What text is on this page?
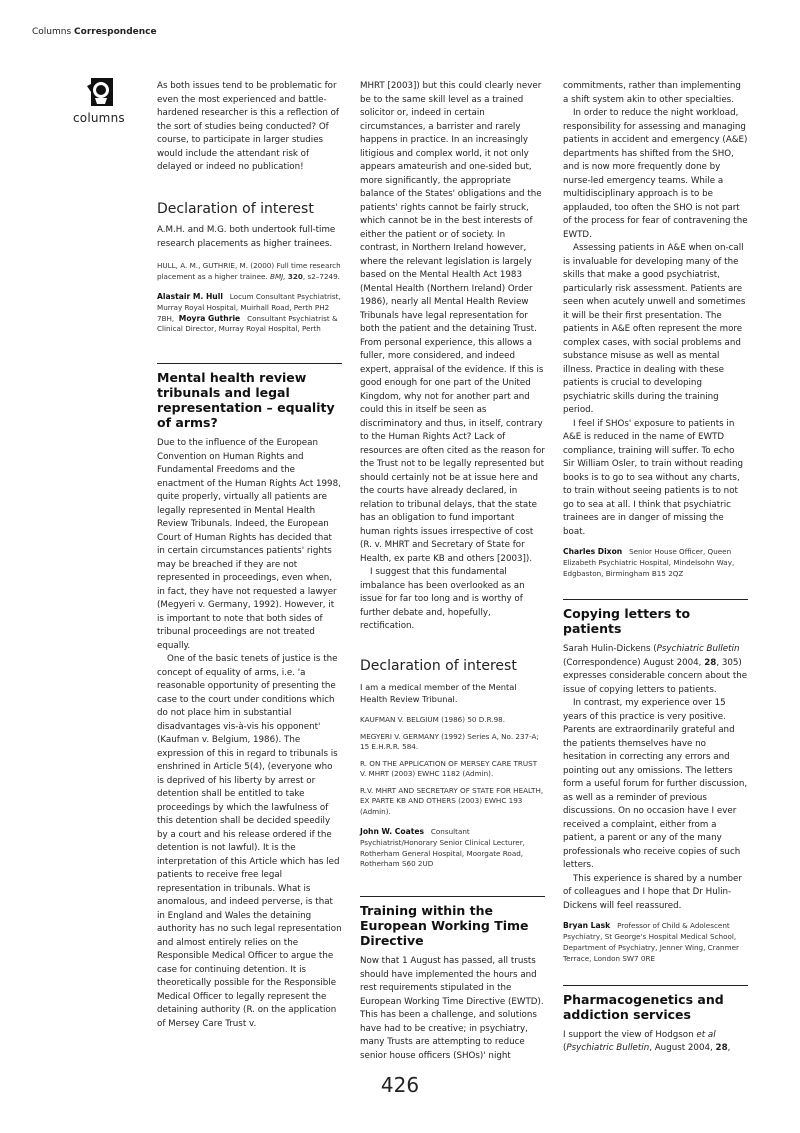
Columns Correspondence
columns

As both issues tend to be problematic for even the most experienced and battle-hardened researcher is this a reflection of the sort of studies being conducted? Of course, to participate in larger studies would include the attendant risk of delayed or indeed no publication!

Declaration of interest

A.M.H. and M.G. both undertook full-time research placements as higher trainees.

HULL, A. M., GUTHRIE, M. (2000) Full time research placement as a higher trainee. BMJ, 320, s2–7249.

Alastair M. Hull Locum Consultant Psychiatrist, Murray Royal Hospital, Muirhall Road, Perth PH2 7BH, Moyra Guthrie Consultant Psychiatrist & Clinical Director, Murray Royal Hospital, Perth

Mental health review tribunals and legal representation – equality of arms?

Due to the influence of the European Convention on Human Rights and Fundamental Freedoms and the enactment of the Human Rights Act 1998, quite properly, virtually all patients are legally represented in Mental Health Review Tribunals. Indeed, the European Court of Human Rights has decided that in certain circumstances patients' rights may be breached if they are not represented in proceedings, even when, in fact, they have not requested a lawyer (Megyeri v. Germany, 1992). However, it is important to note that both sides of tribunal proceedings are not treated equally.

One of the basic tenets of justice is the concept of equality of arms, i.e. 'a reasonable opportunity of presenting the case to the court under conditions which do not place him in substantial disadvantages vis-à-vis his opponent' (Kaufman v. Belgium, 1986). The expression of this in regard to tribunals is enshrined in Article 5(4), (everyone who is deprived of his liberty by arrest or detention shall be entitled to take proceedings by which the lawfulness of this detention shall be decided speedily by a court and his release ordered if the detention is not lawful). It is the interpretation of this Article which has led patients to receive free legal representation in tribunals. What is anomalous, and indeed perverse, is that in England and Wales the detaining authority has no such legal representation and almost entirely relies on the Responsible Medical Officer to argue the case for continuing detention. It is theoretically possible for the Responsible Medical Officer to legally represent the detaining authority (R. on the application of Mersey Care Trust v.

MHRT [2003]) but this could clearly never be to the same skill level as a trained solicitor or, indeed in certain circumstances, a barrister and rarely happens in practice. In an increasingly litigious and complex world, it not only appears amateurish and one-sided but, more significantly, the appropriate balance of the States' obligations and the patients' rights cannot be fairly struck, which cannot be in the best interests of either the patient or of society. In contrast, in Northern Ireland however, where the relevant legislation is largely based on the Mental Health Act 1983 (Mental Health (Northern Ireland) Order 1986), nearly all Mental Health Review Tribunals have legal representation for both the patient and the detaining Trust. From personal experience, this allows a fuller, more considered, and indeed expert, appraisal of the evidence. If this is good enough for one part of the United Kingdom, why not for another part and could this in itself be seen as discriminatory and thus, in itself, contrary to the Human Rights Act? Lack of resources are often cited as the reason for the Trust not to be legally represented but should certainly not be at issue here and the courts have already declared, in relation to tribunal delays, that the state has an obligation to fund important human rights issues irrespective of cost (R. v. MHRT and Secretary of State for Health, ex parte KB and others [2003]).

I suggest that this fundamental imbalance has been overlooked as an issue for far too long and is worthy of further debate and, hopefully, rectification.

Declaration of interest

I am a medical member of the Mental Health Review Tribunal.

KAUFMAN V. BELGIUM (1986) 50 D.R.98.

MEGYERI V. GERMANY (1992) Series A, No. 237-A; 15 E.H.R.R. 584.

R. ON THE APPLICATION OF MERSEY CARE TRUST V. MHRT (2003) EWHC 1182 (Admin).

R.V. MHRT AND SECRETARY OF STATE FOR HEALTH, EX PARTE KB AND OTHERS (2003) EWHC 193 (Admin).

John W. Coates Consultant Psychiatrist/Honorary Senior Clinical Lecturer, Rotherham General Hospital, Moorgate Road, Rotherham S60 2UD

Training within the European Working Time Directive

Now that 1 August has passed, all trusts should have implemented the hours and rest requirements stipulated in the European Working Time Directive (EWTD). This has been a challenge, and solutions have had to be creative; in psychiatry, many Trusts are attempting to reduce senior house officers (SHOs)' night

commitments, rather than implementing a shift system akin to other specialties.

In order to reduce the night workload, responsibility for assessing and managing patients in accident and emergency (A&E) departments has shifted from the SHO, and is now more frequently done by nurse-led emergency teams. While a multidisciplinary approach is to be applauded, too often the SHO is not part of the process for fear of contravening the EWTD.

Assessing patients in A&E when on-call is invaluable for developing many of the skills that make a good psychiatrist, particularly risk assessment. Patients are seen when acutely unwell and sometimes it will be their first presentation. The patients in A&E often represent the more complex cases, with social problems and substance misuse as well as mental illness. Practice in dealing with these patients is crucial to developing psychiatric skills during the training period.

I feel if SHOs' exposure to patients in A&E is reduced in the name of EWTD compliance, training will suffer. To echo Sir William Osler, to train without reading books is to go to sea without any charts, to train without seeing patients is to not go to sea at all. I think that psychiatric trainees are in danger of missing the boat.

Charles Dixon Senior House Officer, Queen Elizabeth Psychiatric Hospital, Mindelsohn Way, Edgbaston, Birmingham B15 2QZ

Copying letters to patients

Sarah Hulin-Dickens (Psychiatric Bulletin (Correspondence) August 2004, 28, 305) expresses considerable concern about the issue of copying letters to patients.

In contrast, my experience over 15 years of this practice is very positive. Parents are extraordinarily grateful and the patients themselves have no hesitation in correcting any errors and pointing out any omissions. The letters form a useful forum for further discussion, as well as a reminder of previous discussions. On no occasion have I ever received a complaint, either from a patient, a parent or any of the many professionals who receive copies of such letters.

This experience is shared by a number of colleagues and I hope that Dr Hulin-Dickens will feel reassured.

Bryan Lask Professor of Child & Adolescent Psychiatry, St George's Hospital Medical School, Department of Psychiatry, Jenner Wing, Cranmer Terrace, London SW7 0RE

Pharmacogenetics and addiction services

I support the view of Hodgson et al (Psychiatric Bulletin, August 2004, 28,

426
